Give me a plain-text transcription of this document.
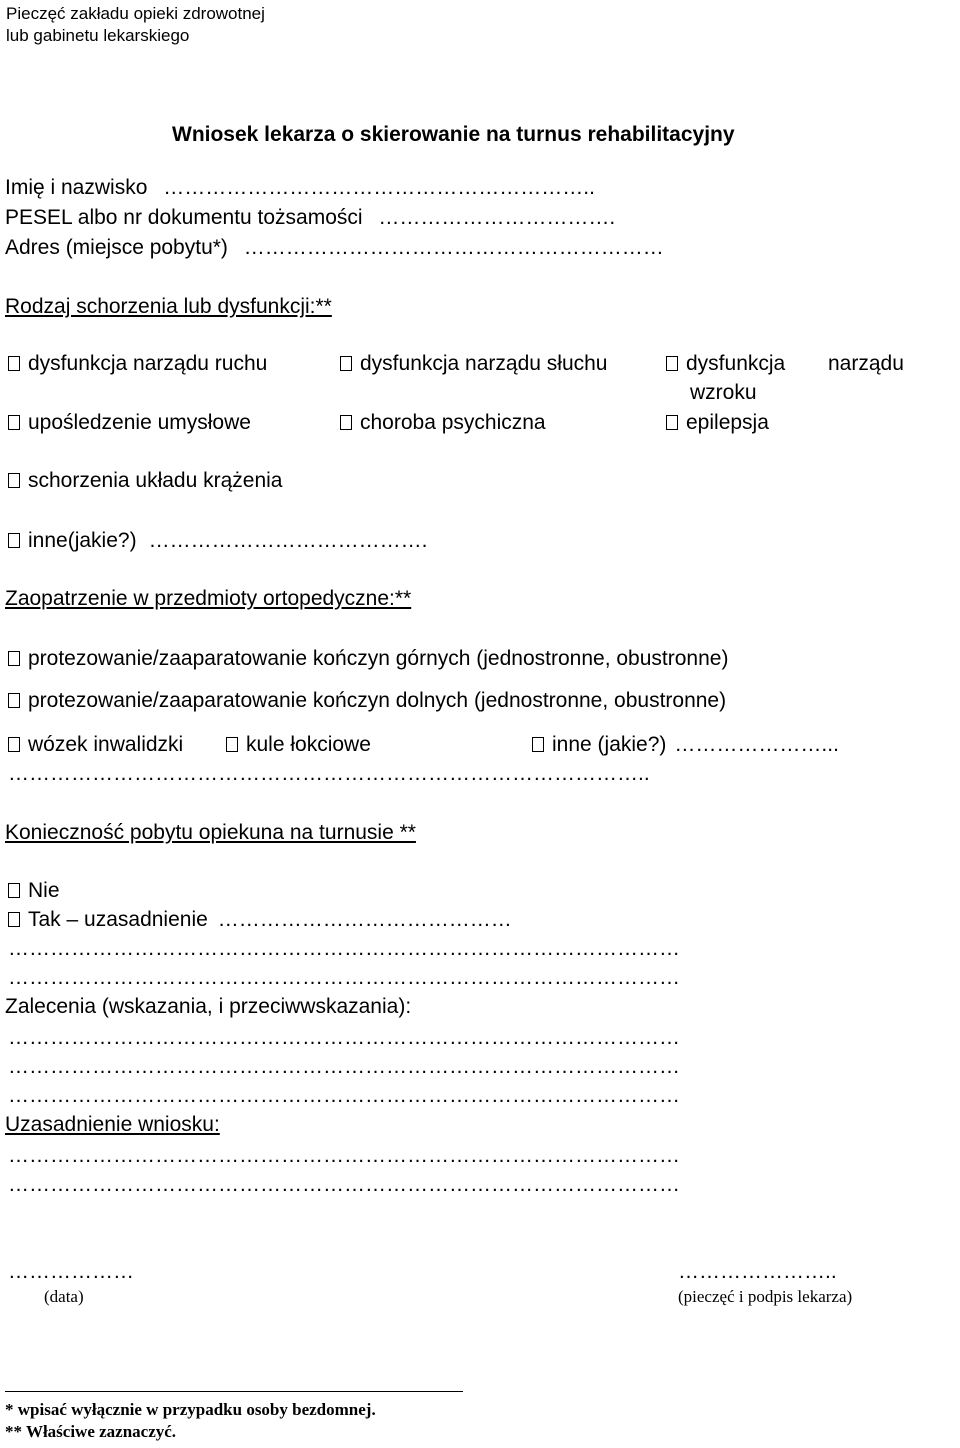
Pieczęć zakładu opieki zdrowotnej
lub gabinetu lekarskiego
Wniosek lekarza o skierowanie na turnus rehabilitacyjny
Imię i nazwisko ……………………………………………………..
PESEL albo nr dokumentu tożsamości …………………………….
Adres (miejsce pobytu*) ……………………………………………………
Rodzaj schorzenia lub dysfunkcji:**
dysfunkcja narządu ruchu	dysfunkcja narządu słuchu	dysfunkcja narządu
wzroku
upośledzenie umysłowe	choroba psychiczna	epilepsja
schorzenia układu krążenia
inne(jakie?) ………………………………….
Zaopatrzenie w przedmioty ortopedyczne:**
protezowanie/zaaparatowanie kończyn górnych (jednostronne, obustronne)
protezowanie/zaaparatowanie kończyn dolnych (jednostronne, obustronne)
wózek inwalidzki	kule łokciowe	inne (jakie?) …………………...
………………………………………………………………………………..
Konieczność pobytu opiekuna na turnusie **
Nie
Tak – uzasadnienie ……………………………………
……………………………………………………………………………………
……………………………………………………………………………………
Zalecenia (wskazania, i przeciwwskazania):
……………………………………………………………………………………
……………………………………………………………………………………
……………………………………………………………………………………
Uzasadnienie wniosku:
……………………………………………………………………………………
……………………………………………………………………………………
………………
(data)
…………………..
(pieczęć i podpis lekarza)
* wpisać wyłącznie w przypadku osoby bezdomnej.
** Właściwe zaznaczyć.
